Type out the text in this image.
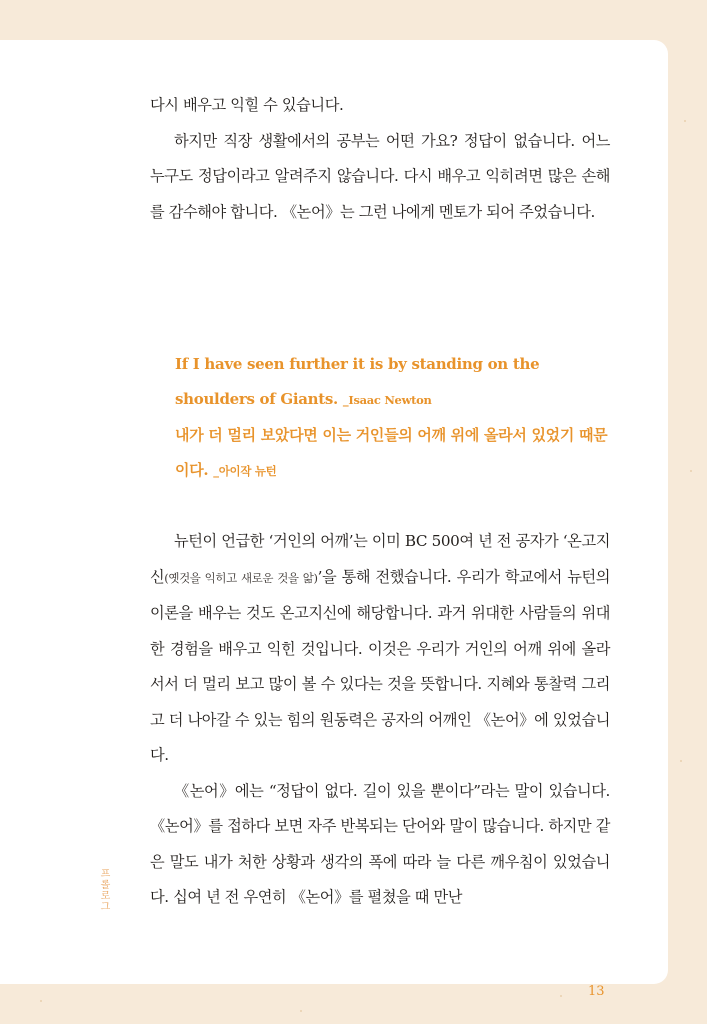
다시 배우고 익힐 수 있습니다.

하지만 직장 생활에서의 공부는 어떤 가요? 정답이 없습니다. 어느 누구도 정답이라고 알려주지 않습니다. 다시 배우고 익히려면 많은 손해를 감수해야 합니다. 《논어》는 그런 나에게 멘토가 되어 주었습니다.

If I have seen further it is by standing on the shoulders of Giants. _Isaac Newton

내가 더 멀리 보았다면 이는 거인들의 어깨 위에 올라서 있었기 때문이다. _아이작 뉴턴

뉴턴이 언급한 ‘거인의 어깨’는 이미 BC 500여 년 전 공자가 ‘온고지신(옛것을 익히고 새로운 것을 앎)’을 통해 전했습니다. 우리가 학교에서 뉴턴의 이론을 배우는 것도 온고지신에 해당합니다. 과거 위대한 사람들의 위대한 경험을 배우고 익힌 것입니다. 이것은 우리가 거인의 어깨 위에 올라서서 더 멀리 보고 많이 볼 수 있다는 것을 뜻합니다. 지혜와 통찰력 그리고 더 나아갈 수 있는 힘의 원동력은 공자의 어깨인 《논어》에 있었습니다.

《논어》에는 “정답이 없다. 길이 있을 뿐이다”라는 말이 있습니다. 《논어》를 접하다 보면 자주 반복되는 단어와 말이 많습니다. 하지만 같은 말도 내가 처한 상황과 생각의 폭에 따라 늘 다른 깨우침이 있었습니다. 십여 년 전 우연히 《논어》를 펼쳤을 때 만난

프롤로그
13
